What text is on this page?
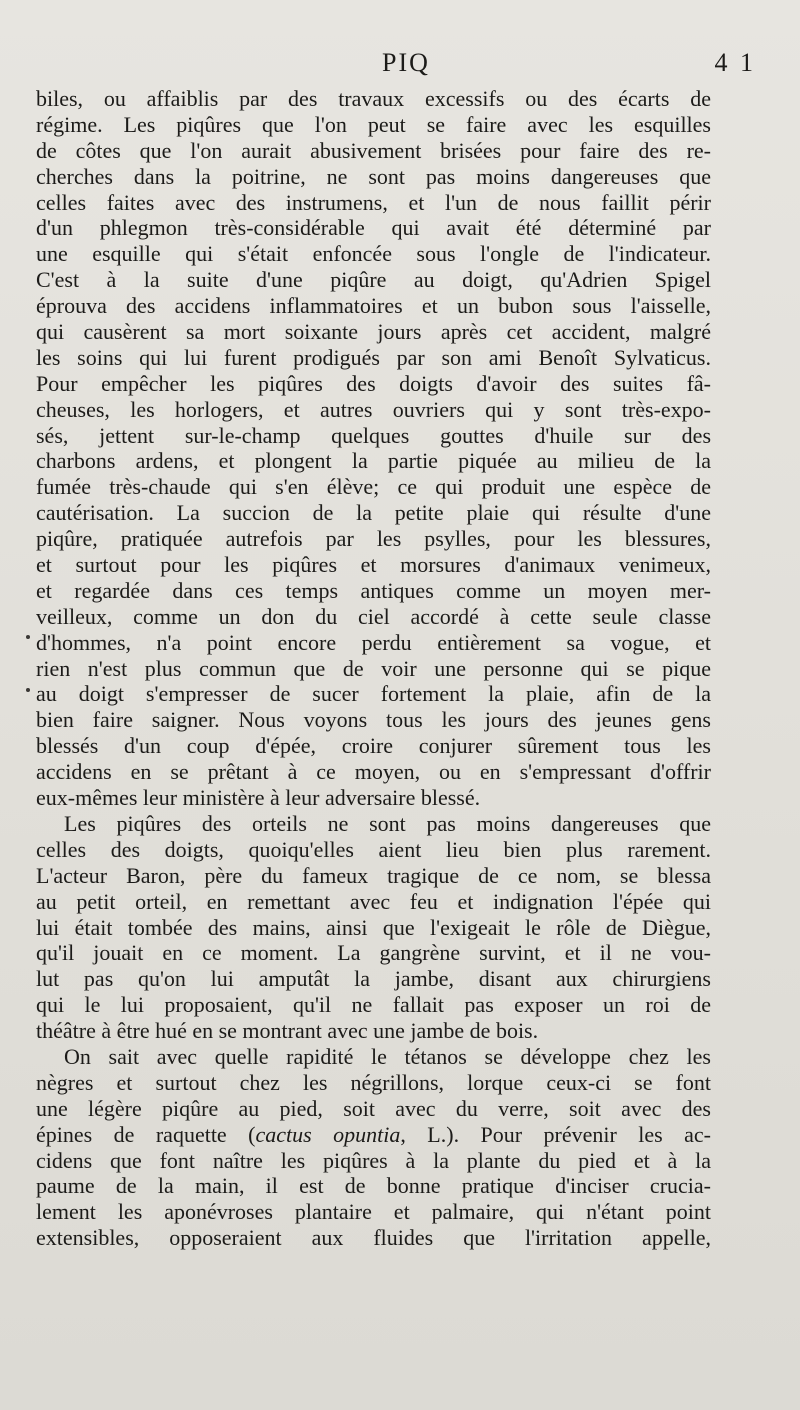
PIQ	4 1
biles, ou affaiblis par des travaux excessifs ou des écarts de
régime. Les piqûres que l'on peut se faire avec les esquilles
de côtes que l'on aurait abusivement brisées pour faire des re-
cherches dans la poitrine, ne sont pas moins dangereuses que
celles faites avec des instrumens, et l'un de nous faillit périr
d'un phlegmon très-considérable qui avait été déterminé par
une esquille qui s'était enfoncée sous l'ongle de l'indicateur.
C'est à la suite d'une piqûre au doigt, qu'Adrien Spigel
éprouva des accidens inflammatoires et un bubon sous l'aisselle,
qui causèrent sa mort soixante jours après cet accident, malgré
les soins qui lui furent prodigués par son ami Benoît Sylvaticus.
Pour empêcher les piqûres des doigts d'avoir des suites fâ-
cheuses, les horlogers, et autres ouvriers qui y sont très-expo-
sés, jettent sur-le-champ quelques gouttes d'huile sur des
charbons ardens, et plongent la partie piquée au milieu de la
fumée très-chaude qui s'en élève; ce qui produit une espèce de
cautérisation. La succion de la petite plaie qui résulte d'une
piqûre, pratiquée autrefois par les psylles, pour les blessures,
et surtout pour les piqûres et morsures d'animaux venimeux,
et regardée dans ces temps antiques comme un moyen mer-
veilleux, comme un don du ciel accordé à cette seule classe
d'hommes, n'a point encore perdu entièrement sa vogue, et
rien n'est plus commun que de voir une personne qui se pique
au doigt s'empresser de sucer fortement la plaie, afin de la
bien faire saigner. Nous voyons tous les jours des jeunes gens
blessés d'un coup d'épée, croire conjurer sûrement tous les
accidens en se prêtant à ce moyen, ou en s'empressant d'offrir
eux-mêmes leur ministère à leur adversaire blessé.
Les piqûres des orteils ne sont pas moins dangereuses que
celles des doigts, quoiqu'elles aient lieu bien plus rarement.
L'acteur Baron, père du fameux tragique de ce nom, se blessa
au petit orteil, en remettant avec feu et indignation l'épée qui
lui était tombée des mains, ainsi que l'exigeait le rôle de Diègue,
qu'il jouait en ce moment. La gangrène survint, et il ne vou-
lut pas qu'on lui amputât la jambe, disant aux chirurgiens
qui le lui proposaient, qu'il ne fallait pas exposer un roi de
théâtre à être hué en se montrant avec une jambe de bois.
On sait avec quelle rapidité le tétanos se développe chez les
nègres et surtout chez les négrillons, lorque ceux-ci se font
une légère piqûre au pied, soit avec du verre, soit avec des
épines de raquette (cactus opuntia, L.). Pour prévenir les ac-
cidens que font naître les piqûres à la plante du pied et à la
paume de la main, il est de bonne pratique d'inciser crucia-
lement les aponévroses plantaire et palmaire, qui n'étant point
extensibles, opposeraient aux fluides que l'irritation appelle,
